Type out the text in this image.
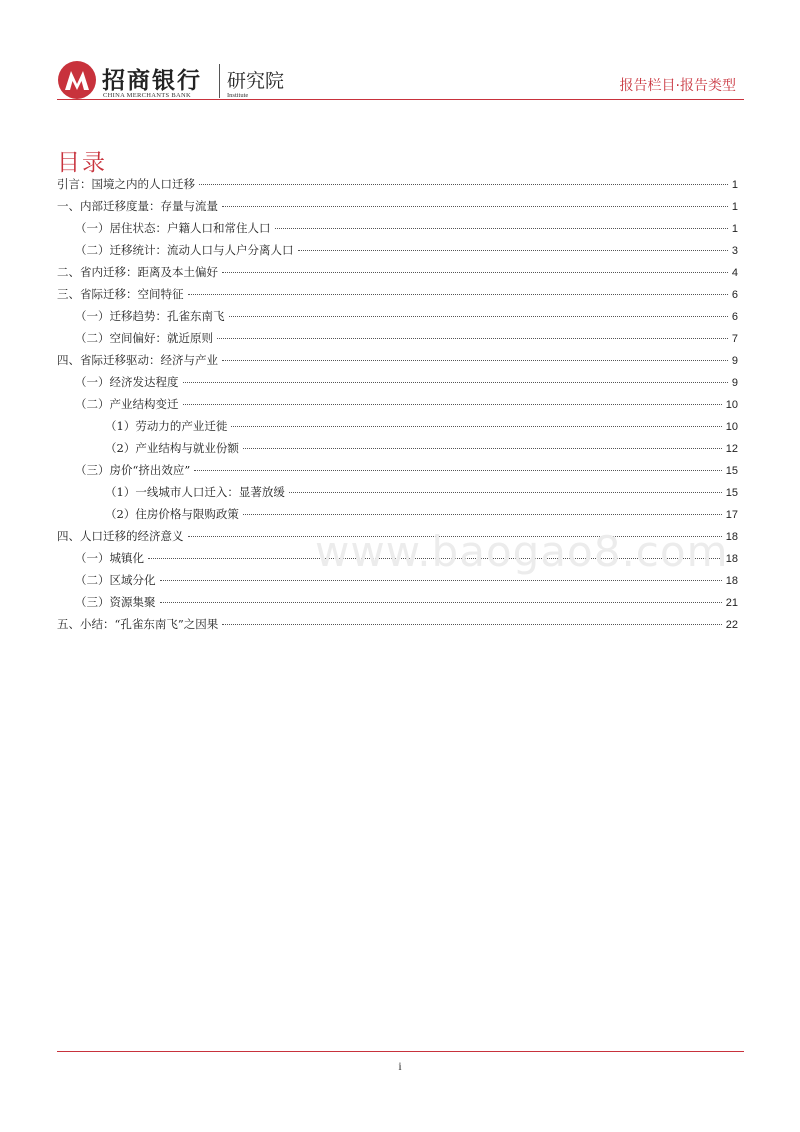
招商银行
CHINA MERCHANTS BANK
研究院
Institute
报告栏目·报告类型
目录
引言：国境之内的人口迁移	1
一、内部迁移度量：存量与流量	1
（一）居住状态：户籍人口和常住人口	1
（二）迁移统计：流动人口与人户分离人口	3
二、省内迁移：距离及本土偏好	4
三、省际迁移：空间特征	6
（一）迁移趋势：孔雀东南飞	6
（二）空间偏好：就近原则	7
四、省际迁移驱动：经济与产业	9
（一）经济发达程度	9
（二）产业结构变迁	10
（1）劳动力的产业迁徙	10
（2）产业结构与就业份额	12
（三）房价“挤出效应”	15
（1）一线城市人口迁入：显著放缓	15
（2）住房价格与限购政策	17
四、人口迁移的经济意义	18
（一）城镇化	18
（二）区域分化	18
（三）资源集聚	21
五、小结：“孔雀东南飞”之因果	22
www.baogao8.com
i
